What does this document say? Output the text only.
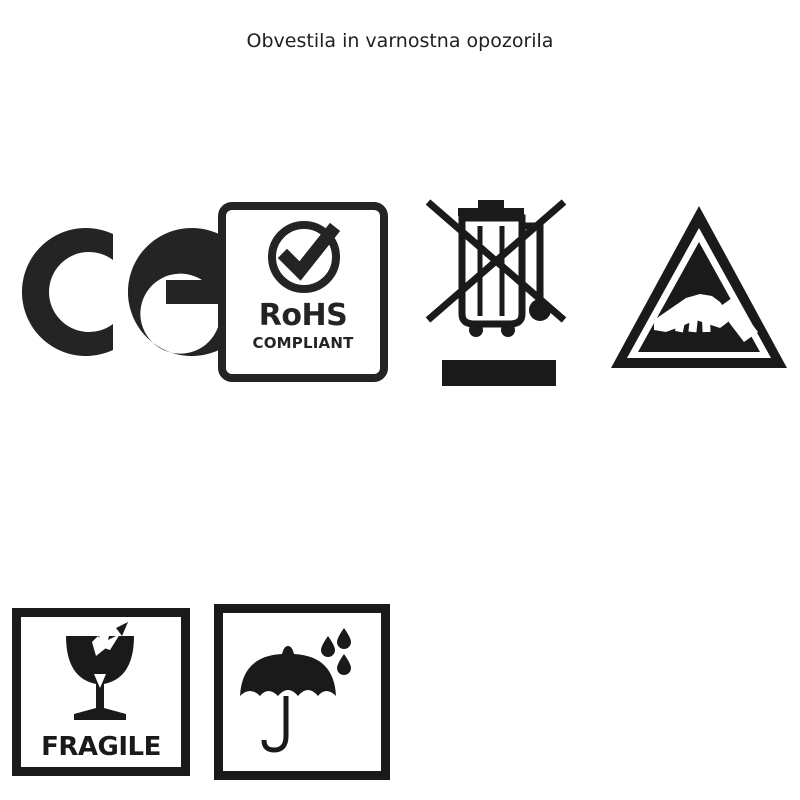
Obvestila in varnostna opozorila
RoHS
COMPLIANT
FRAGILE
